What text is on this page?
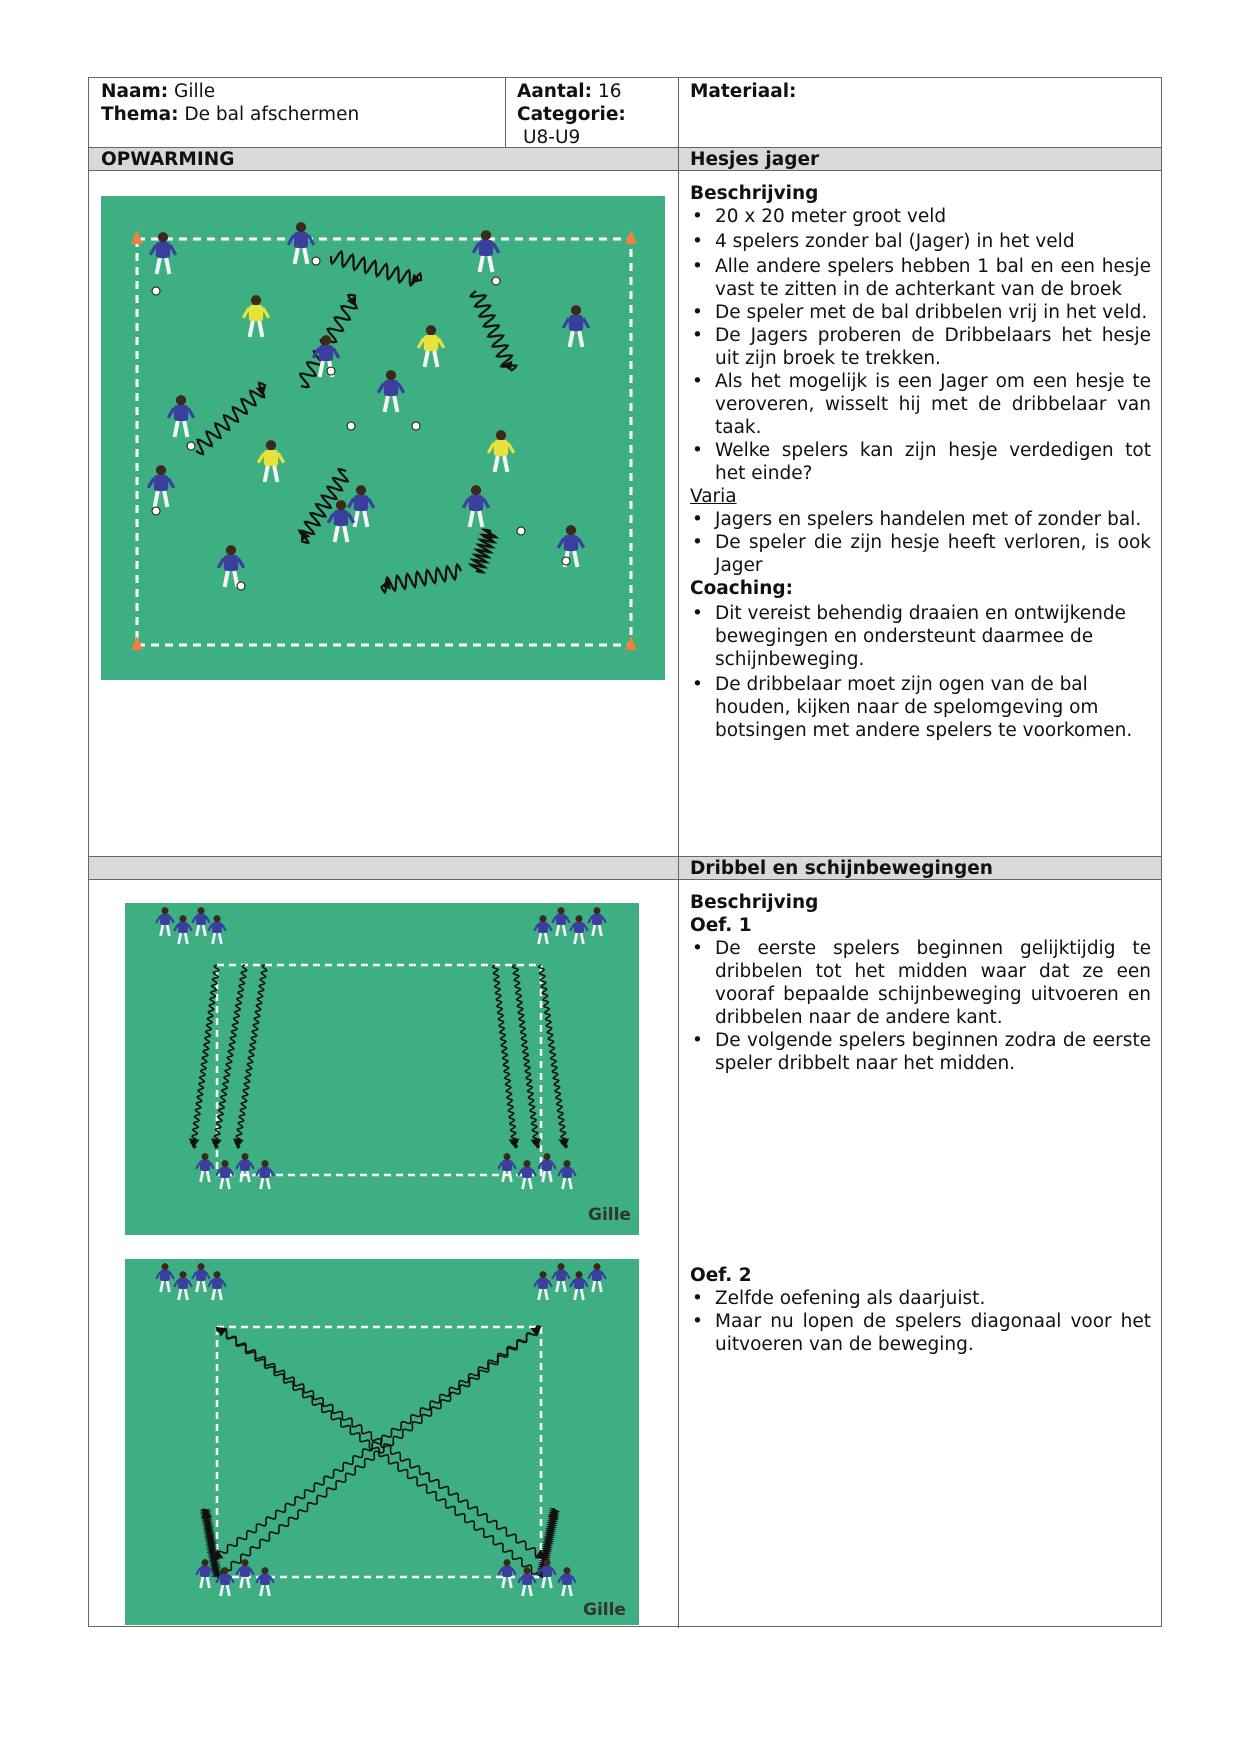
Naam: Gille
Thema: De bal afschermen
Aantal: 16
Categorie:
U8-U9
Materiaal:
OPWARMING	Hesjes jager
Beschrijving
• 20 x 20 meter groot veld
• 4 spelers zonder bal (Jager) in het veld
• Alle andere spelers hebben 1 bal en een hesje vast te zitten in de achterkant van de broek
• De speler met de bal dribbelen vrij in het veld.
• De Jagers proberen de Dribbelaars het hesje uit zijn broek te trekken.
• Als het mogelijk is een Jager om een hesje te veroveren, wisselt hij met de dribbelaar van taak.
• Welke spelers kan zijn hesje verdedigen tot het einde?
Varia
• Jagers en spelers handelen met of zonder bal.
• De speler die zijn hesje heeft verloren, is ook Jager
Coaching:
• Dit vereist behendig draaien en ontwijkende bewegingen en ondersteunt daarmee de schijnbeweging.
• De dribbelaar moet zijn ogen van de bal houden, kijken naar de spelomgeving om botsingen met andere spelers te voorkomen.
Dribbel en schijnbewegingen
Gille
Gille
Beschrijving
Oef. 1
• De eerste spelers beginnen gelijktijdig te dribbelen tot het midden waar dat ze een vooraf bepaalde schijnbeweging uitvoeren en dribbelen naar de andere kant.
• De volgende spelers beginnen zodra de eerste speler dribbelt naar het midden.
Oef. 2
• Zelfde oefening als daarjuist.
• Maar nu lopen de spelers diagonaal voor het uitvoeren van de beweging.
